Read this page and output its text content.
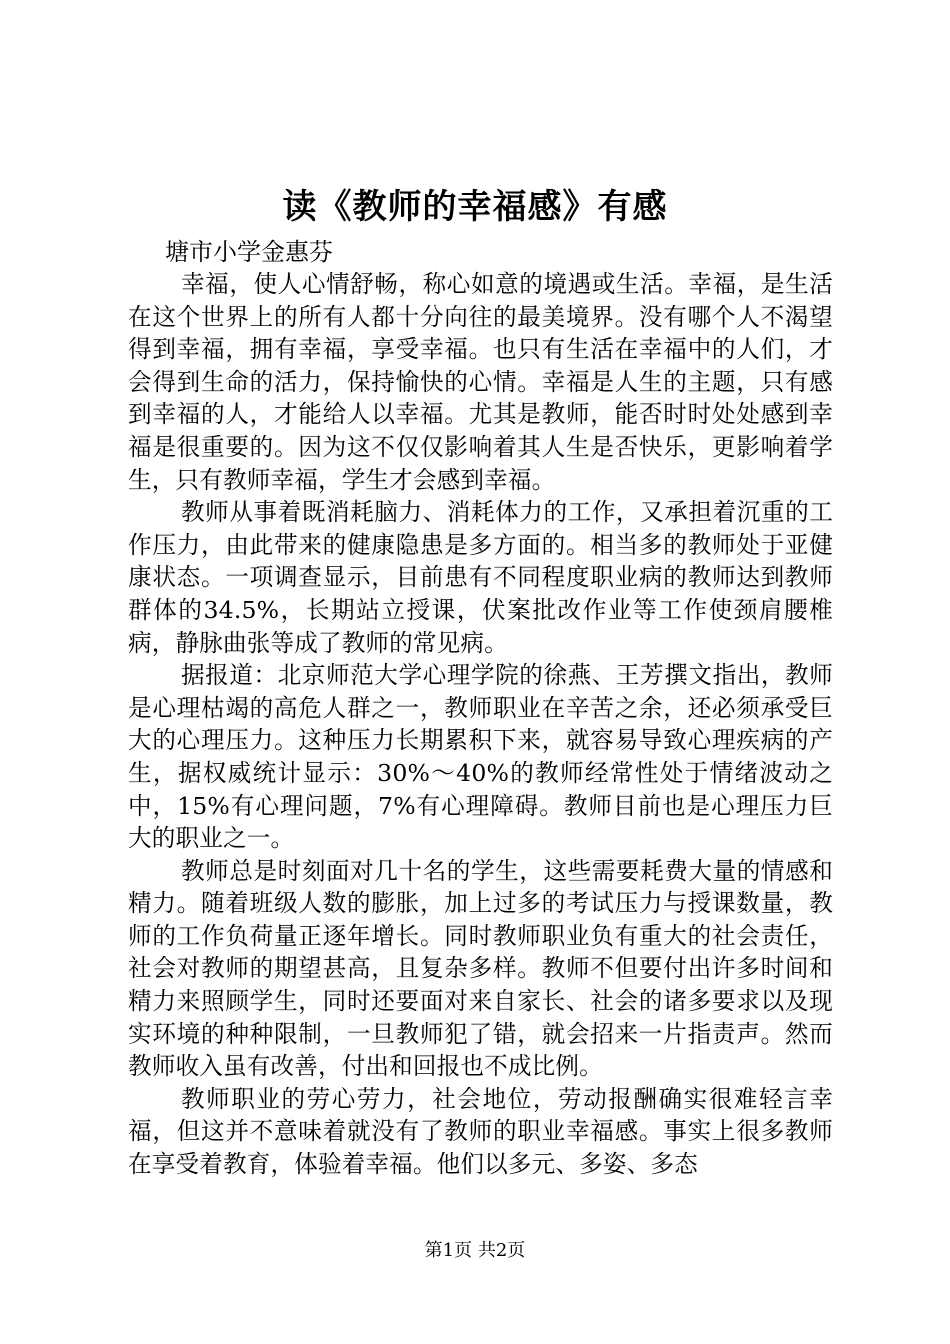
读《教师的幸福感》有感

塘市小学金惠芬

幸福，使人心情舒畅，称心如意的境遇或生活。幸福，是生活在这个世界上的所有人都十分向往的最美境界。没有哪个人不渴望得到幸福，拥有幸福，享受幸福。也只有生活在幸福中的人们，才会得到生命的活力，保持愉快的心情。幸福是人生的主题，只有感到幸福的人，才能给人以幸福。尤其是教师，能否时时处处感到幸福是很重要的。因为这不仅仅影响着其人生是否快乐，更影响着学生，只有教师幸福，学生才会感到幸福。

教师从事着既消耗脑力、消耗体力的工作，又承担着沉重的工作压力，由此带来的健康隐患是多方面的。相当多的教师处于亚健康状态。一项调查显示，目前患有不同程度职业病的教师达到教师群体的34.5%，长期站立授课，伏案批改作业等工作使颈肩腰椎病，静脉曲张等成了教师的常见病。

据报道：北京师范大学心理学院的徐燕、王芳撰文指出，教师是心理枯竭的高危人群之一，教师职业在辛苦之余，还必须承受巨大的心理压力。这种压力长期累积下来，就容易导致心理疾病的产生，据权威统计显示：30%～40%的教师经常性处于情绪波动之中，15%有心理问题，7%有心理障碍。教师目前也是心理压力巨大的职业之一。

教师总是时刻面对几十名的学生，这些需要耗费大量的情感和精力。随着班级人数的膨胀，加上过多的考试压力与授课数量，教师的工作负荷量正逐年增长。同时教师职业负有重大的社会责任，社会对教师的期望甚高，且复杂多样。教师不但要付出许多时间和精力来照顾学生，同时还要面对来自家长、社会的诸多要求以及现实环境的种种限制，一旦教师犯了错，就会招来一片指责声。然而教师收入虽有改善，付出和回报也不成比例。

教师职业的劳心劳力，社会地位，劳动报酬确实很难轻言幸福，但这并不意味着就没有了教师的职业幸福感。事实上很多教师在享受着教育，体验着幸福。他们以多元、多姿、多态

第1页 共2页
